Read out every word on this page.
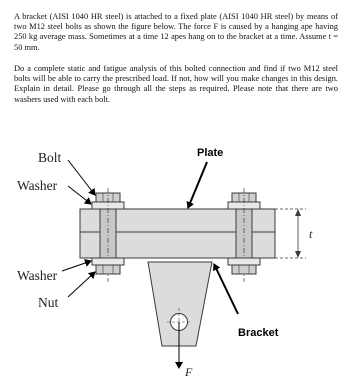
A bracket (AISI 1040 HR steel) is attached to a fixed plate (AISI 1040 HR steel) by means of two M12 steel bolts as shown the figure below. The force F is caused by a hanging ape having 250 kg average mass. Sometimes at a time 12 apes hang on to the bracket at a time. Assume t = 50 mm.

Do a complete static and fatigue analysis of this bolted connection and find if two M12 steel bolts will be able to carry the prescribed load. If not, how will you make changes in this design. Explain in detail. Please go through all the steps as required. Please note that there are two washers used with each bolt.

Bolt
Washer
Washer
Nut
Plate
Bracket
t
F
